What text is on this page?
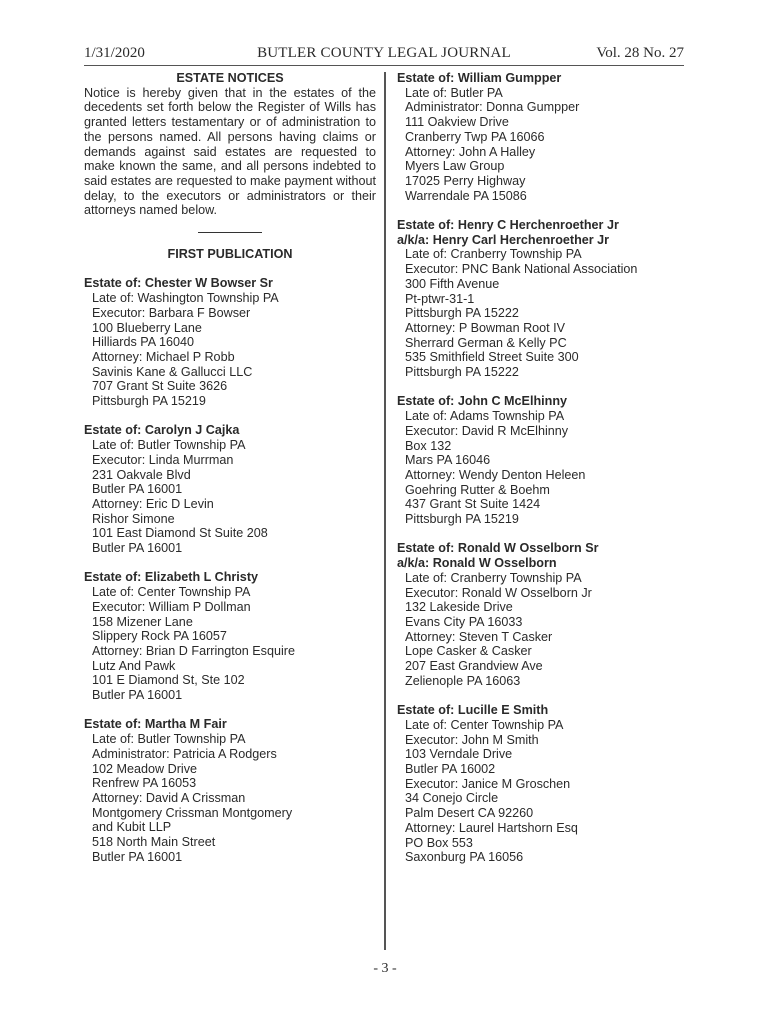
1/31/2020	BUTLER COUNTY LEGAL JOURNAL	Vol. 28 No. 27

ESTATE NOTICES

Notice is hereby given that in the estates of the decedents set forth below the Register of Wills has granted letters testamentary or of administration to the persons named. All persons having claims or demands against said estates are requested to make known the same, and all persons indebted to said estates are requested to make payment without delay, to the executors or administrators or their attorneys named below.

FIRST PUBLICATION

Estate of: Chester W Bowser Sr

Late of: Washington Township PA

Executor: Barbara F Bowser

100 Blueberry Lane

Hilliards PA 16040

Attorney: Michael P Robb

Savinis Kane & Gallucci LLC

707 Grant St Suite 3626

Pittsburgh PA 15219

Estate of: Carolyn J Cajka

Late of: Butler Township PA

Executor: Linda Murrman

231 Oakvale Blvd

Butler PA 16001

Attorney: Eric D Levin

Rishor Simone

101 East Diamond St Suite 208

Butler PA 16001

Estate of: Elizabeth L Christy

Late of: Center Township PA

Executor: William P Dollman

158 Mizener Lane

Slippery Rock PA 16057

Attorney: Brian D Farrington Esquire

Lutz And Pawk

101 E Diamond St, Ste 102

Butler PA 16001

Estate of: Martha M Fair

Late of: Butler Township PA

Administrator: Patricia A Rodgers

102 Meadow Drive

Renfrew PA 16053

Attorney: David A Crissman

Montgomery Crissman Montgomery

and Kubit LLP

518 North Main Street

Butler PA 16001

Estate of: William Gumpper

Late of: Butler PA

Administrator: Donna Gumpper

111 Oakview Drive

Cranberry Twp PA 16066

Attorney: John A Halley

Myers Law Group

17025 Perry Highway

Warrendale PA 15086

Estate of: Henry C Herchenroether Jr

a/k/a: Henry Carl Herchenroether Jr

Late of: Cranberry Township PA

Executor: PNC Bank National Association

300 Fifth Avenue

Pt-ptwr-31-1

Pittsburgh PA 15222

Attorney: P Bowman Root IV

Sherrard German & Kelly PC

535 Smithfield Street Suite 300

Pittsburgh PA 15222

Estate of: John C McElhinny

Late of: Adams Township PA

Executor: David R McElhinny

Box 132

Mars PA 16046

Attorney: Wendy Denton Heleen

Goehring Rutter & Boehm

437 Grant St Suite 1424

Pittsburgh PA 15219

Estate of: Ronald W Osselborn Sr

a/k/a: Ronald W Osselborn

Late of: Cranberry Township PA

Executor: Ronald W Osselborn Jr

132 Lakeside Drive

Evans City PA 16033

Attorney: Steven T Casker

Lope Casker & Casker

207 East Grandview Ave

Zelienople PA 16063

Estate of: Lucille E Smith

Late of: Center Township PA

Executor: John M Smith

103 Verndale Drive

Butler PA 16002

Executor: Janice M Groschen

34 Conejo Circle

Palm Desert CA 92260

Attorney: Laurel Hartshorn Esq

PO Box 553

Saxonburg PA 16056

- 3 -
